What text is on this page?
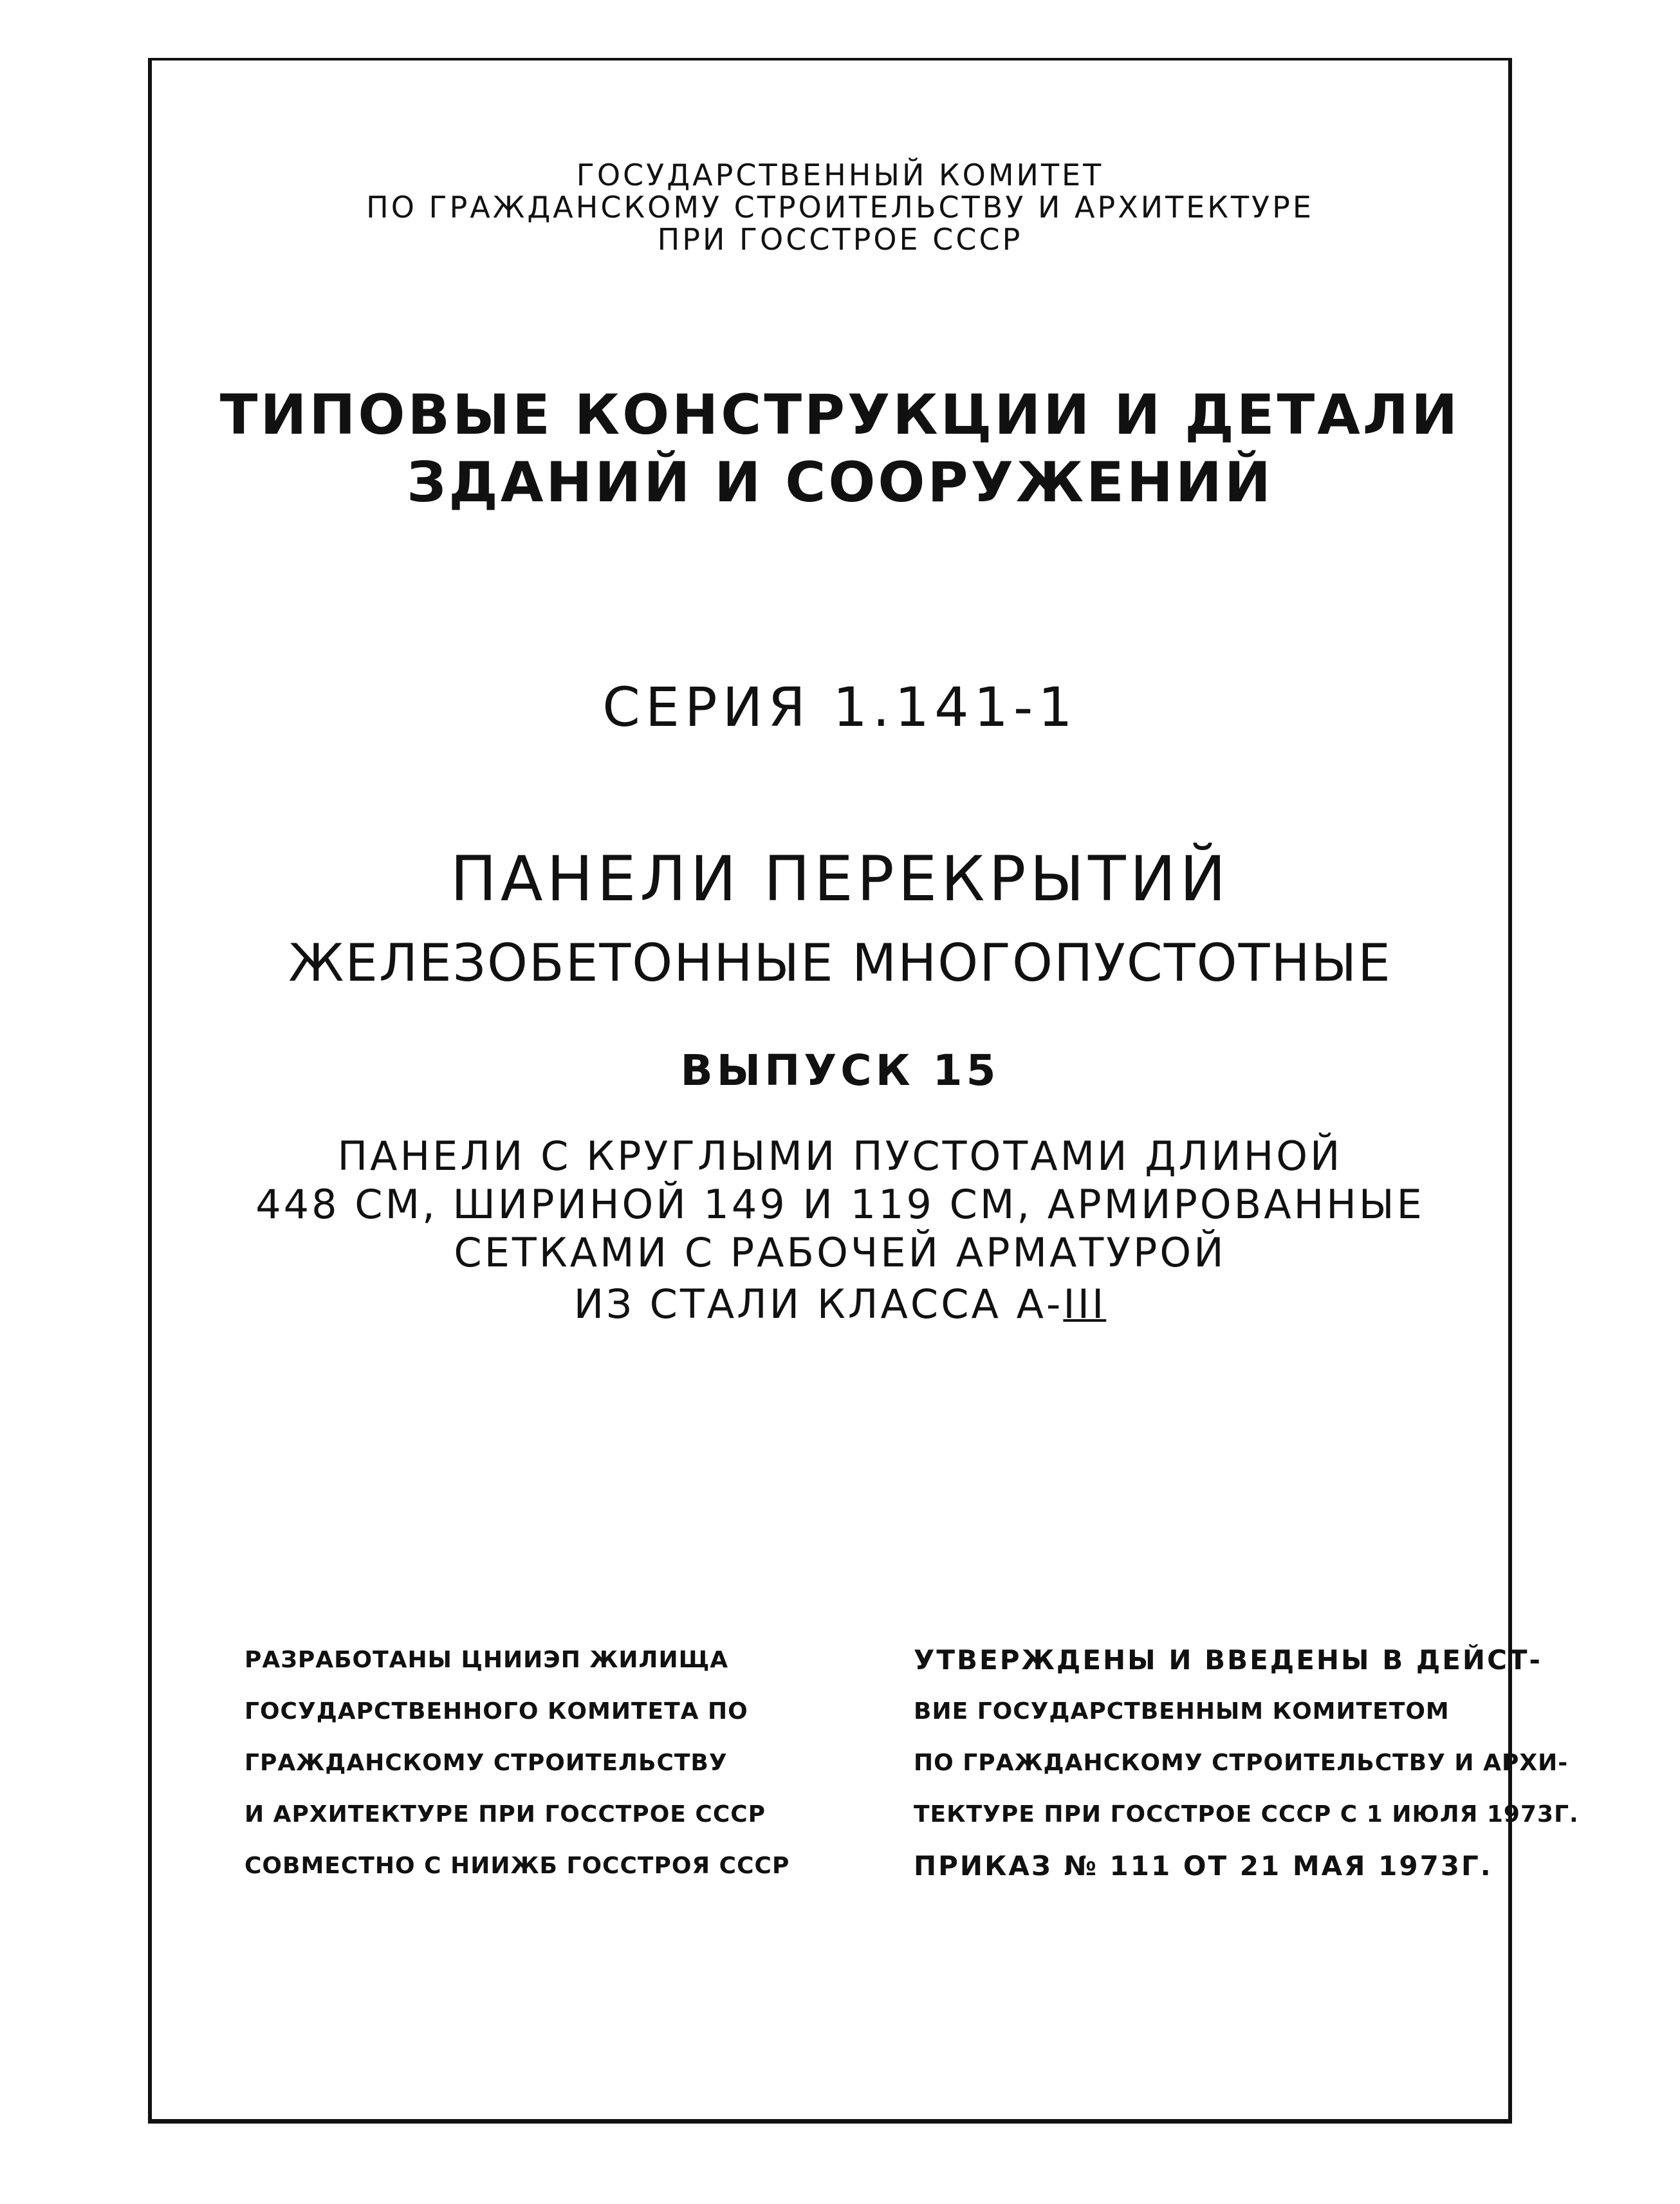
ГОСУДАРСТВЕННЫЙ КОМИТЕТ
ПО ГРАЖДАНСКОМУ СТРОИТЕЛЬСТВУ И АРХИТЕКТУРЕ
ПРИ ГОССТРОЕ СССР
ТИПОВЫЕ КОНСТРУКЦИИ И ДЕТАЛИ
ЗДАНИЙ И СООРУЖЕНИЙ
СЕРИЯ 1.141-1
ПАНЕЛИ ПЕРЕКРЫТИЙ
ЖЕЛЕЗОБЕТОННЫЕ МНОГОПУСТОТНЫЕ
ВЫПУСК 15
ПАНЕЛИ С КРУГЛЫМИ ПУСТОТАМИ ДЛИНОЙ
448 СМ, ШИРИНОЙ 149 И 119 СМ, АРМИРОВАННЫЕ
СЕТКАМИ С РАБОЧЕЙ АРМАТУРОЙ
ИЗ СТАЛИ КЛАССА А-III
РАЗРАБОТАНЫ ЦНИИЭП ЖИЛИЩА
ГОСУДАРСТВЕННОГО КОМИТЕТА ПО
ГРАЖДАНСКОМУ СТРОИТЕЛЬСТВУ
И АРХИТЕКТУРЕ ПРИ ГОССТРОЕ СССР
СОВМЕСТНО С НИИЖБ ГОССТРОЯ СССР
УТВЕРЖДЕНЫ И ВВЕДЕНЫ В ДЕЙСТ-
ВИЕ ГОСУДАРСТВЕННЫМ КОМИТЕТОМ
ПО ГРАЖДАНСКОМУ СТРОИТЕЛЬСТВУ И АРХИ-
ТЕКТУРЕ ПРИ ГОССТРОЕ СССР С 1 ИЮЛЯ 1973Г.
ПРИКАЗ № 111 ОТ 21 МАЯ 1973Г.
